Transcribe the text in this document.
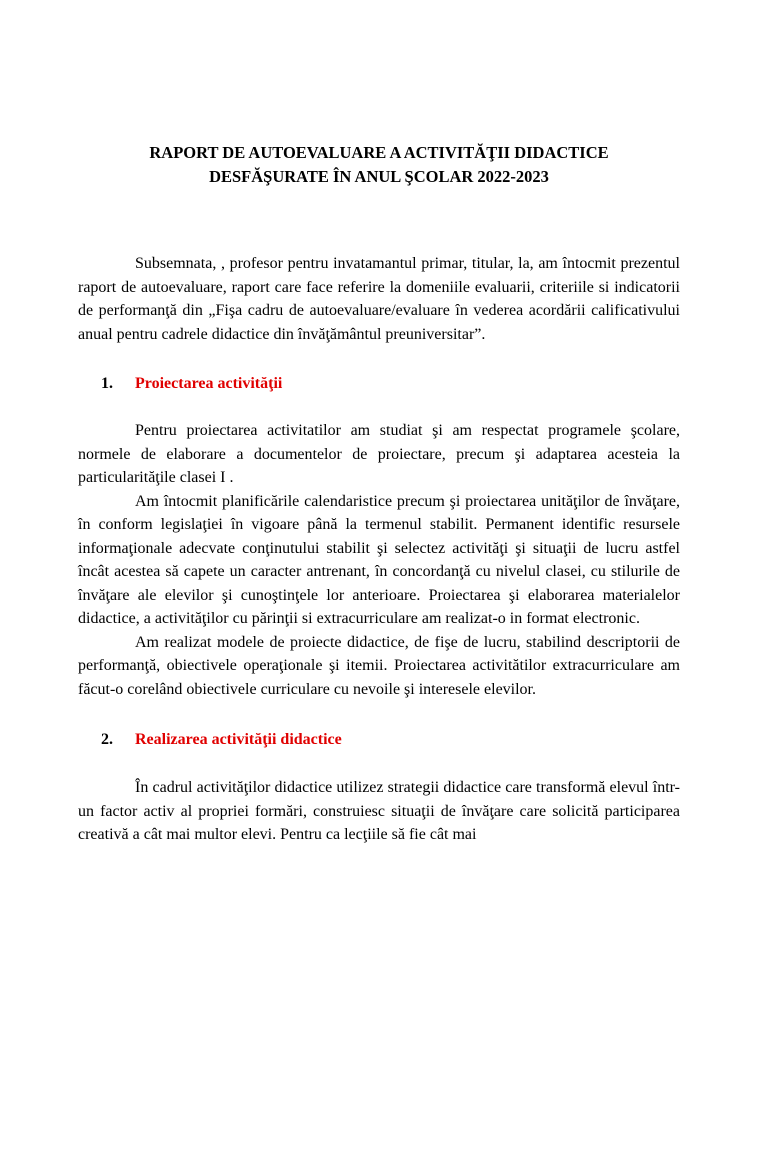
RAPORT DE AUTOEVALUARE A ACTIVITĂŢII DIDACTICE
DESFĂŞURATE ÎN ANUL ŞCOLAR 2022-2023

Subsemnata, , profesor pentru invatamantul primar, titular, la, am întocmit prezentul raport de autoevaluare, raport care face referire la domeniile evaluarii, criteriile si indicatorii de performanţă din „Fişa cadru de autoevaluare/evaluare în vederea acordării calificativului anual pentru cadrele didactice din învăţământul preuniversitar”.

1.	Proiectarea activităţii

Pentru proiectarea activitatilor am studiat şi am respectat programele şcolare, normele de elaborare a documentelor de proiectare, precum şi adaptarea acesteia la particularităţile clasei I .

Am întocmit planificările calendaristice precum şi proiectarea unităţilor de învăţare, în conform legislaţiei în vigoare până la termenul stabilit. Permanent identific resursele informaţionale adecvate conţinutului stabilit şi selectez activităţi şi situaţii de lucru astfel încât acestea să capete un caracter antrenant, în concordanţă cu nivelul clasei, cu stilurile de învăţare ale elevilor şi cunoştinţele lor anterioare. Proiectarea şi elaborarea materialelor didactice, a activităţilor cu părinţii si extracurriculare am realizat-o in format electronic.

Am realizat modele de proiecte didactice, de fişe de lucru, stabilind descriptorii de performanţă, obiectivele operaţionale şi itemii. Proiectarea activitătilor extracurriculare am făcut-o corelând obiectivele curriculare cu nevoile şi interesele elevilor.

2.	Realizarea activităţii didactice

În cadrul activităţilor didactice utilizez strategii didactice care transformă elevul într-un factor activ al propriei formări, construiesc situaţii de învăţare care solicită participarea creativă a cât mai multor elevi. Pentru ca lecţiile să fie cât mai
